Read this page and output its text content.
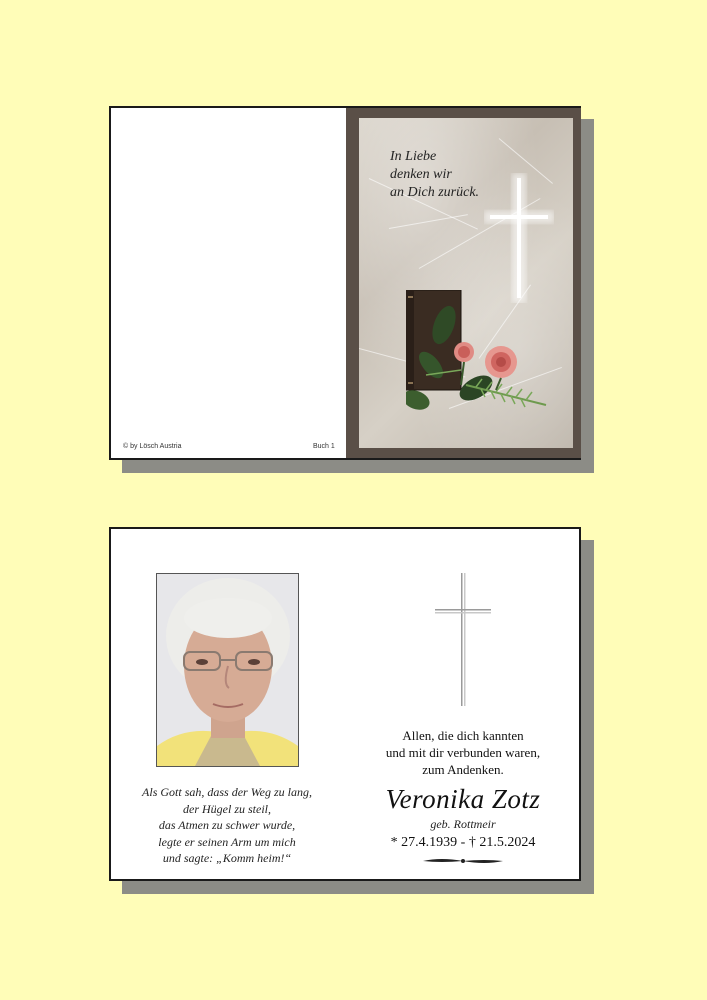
© by Lösch Austria	Buch 1
In Liebe
denken wir
an Dich zurück.
Als Gott sah, dass der Weg zu lang,
der Hügel zu steil,
das Atmen zu schwer wurde,
legte er seinen Arm um mich
und sagte: „Komm heim!“
Allen, die dich kannten
und mit dir verbunden waren,
zum Andenken.
Veronika Zotz
geb. Rottmeir
* 27.4.1939 - † 21.5.2024
